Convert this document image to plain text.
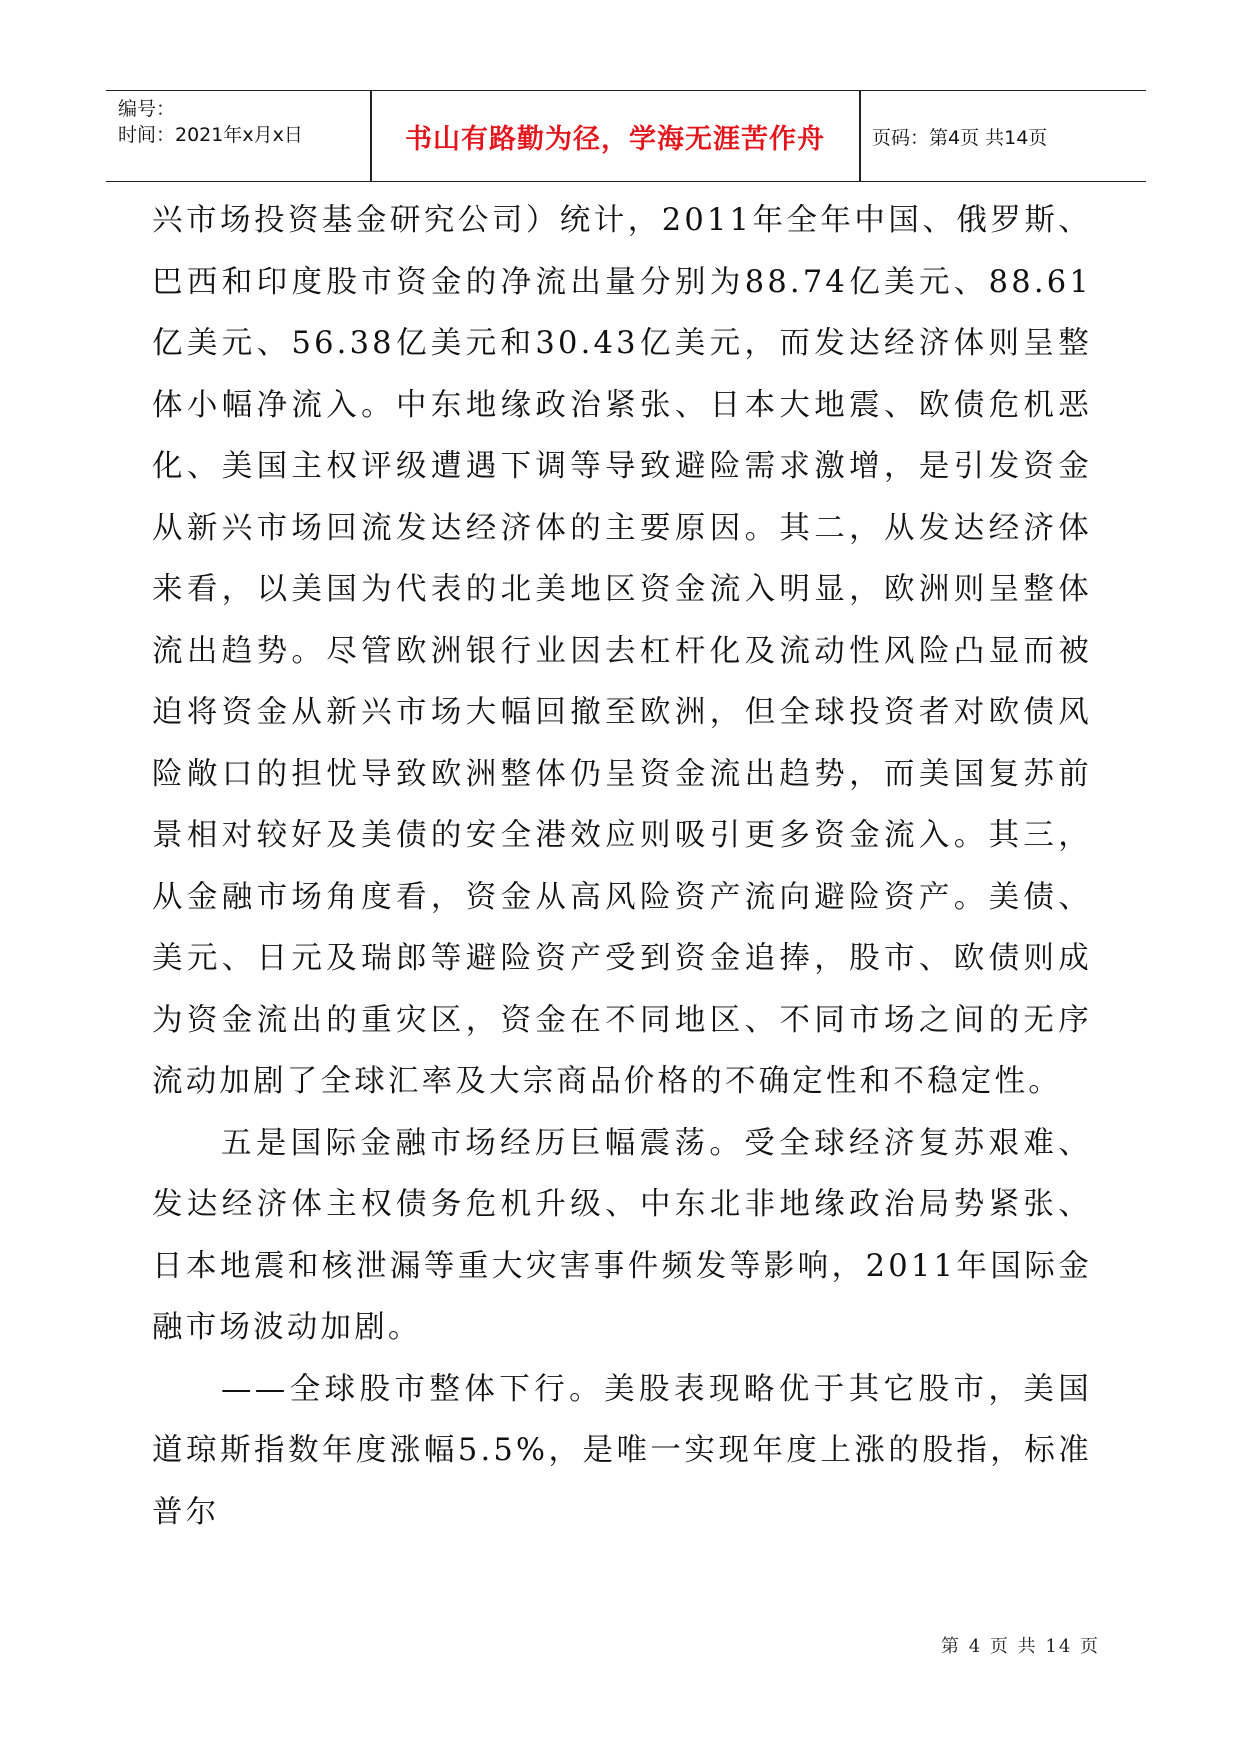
编号：
时间：2021年x月x日	书山有路勤为径，学海无涯苦作舟	页码：第4页 共14页

兴市场投资基金研究公司）统计，2011年全年中国、俄罗斯、巴西和印度股市资金的净流出量分别为88.74亿美元、88.61亿美元、56.38亿美元和30.43亿美元，而发达经济体则呈整体小幅净流入。中东地缘政治紧张、日本大地震、欧债危机恶化、美国主权评级遭遇下调等导致避险需求激增，是引发资金从新兴市场回流发达经济体的主要原因。其二，从发达经济体来看，以美国为代表的北美地区资金流入明显，欧洲则呈整体流出趋势。尽管欧洲银行业因去杠杆化及流动性风险凸显而被迫将资金从新兴市场大幅回撤至欧洲，但全球投资者对欧债风险敞口的担忧导致欧洲整体仍呈资金流出趋势，而美国复苏前景相对较好及美债的安全港效应则吸引更多资金流入。其三，从金融市场角度看，资金从高风险资产流向避险资产。美债、美元、日元及瑞郎等避险资产受到资金追捧，股市、欧债则成为资金流出的重灾区，资金在不同地区、不同市场之间的无序流动加剧了全球汇率及大宗商品价格的不确定性和不稳定性。

五是国际金融市场经历巨幅震荡。受全球经济复苏艰难、发达经济体主权债务危机升级、中东北非地缘政治局势紧张、日本地震和核泄漏等重大灾害事件频发等影响，2011年国际金融市场波动加剧。

——全球股市整体下行。美股表现略优于其它股市，美国道琼斯指数年度涨幅5.5%，是唯一实现年度上涨的股指，标准普尔

第 4 页 共 14 页
